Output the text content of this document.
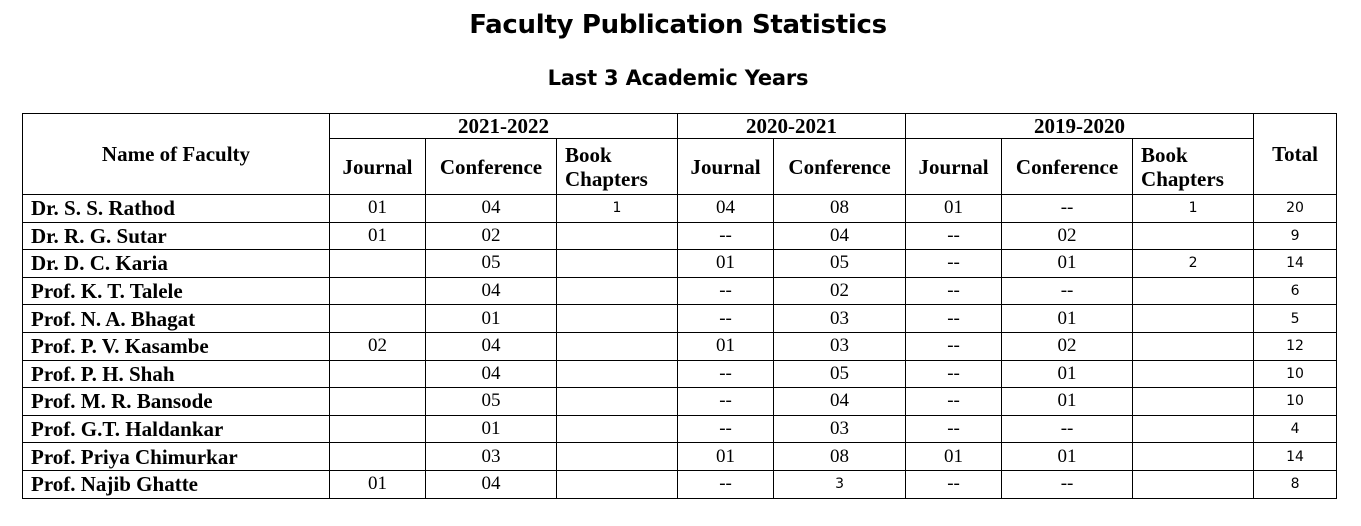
Faculty Publication Statistics
Last 3 Academic Years
Name of Faculty	2021-2022			2020-2021		2019-2020			Total
	Journal	Conference	Book Chapters	Journal	Conference	Journal	Conference	Book Chapters	
Dr. S. S. Rathod	01	04	1	04	08	01	--	1	20
Dr. R. G. Sutar	01	02		--	04	--	02		9
Dr. D. C. Karia		05		01	05	--	01	2	14
Prof. K. T. Talele		04		--	02	--	--		6
Prof. N. A. Bhagat		01		--	03	--	01		5
Prof. P. V. Kasambe	02	04		01	03	--	02		12
Prof. P. H. Shah		04		--	05	--	01		10
Prof. M. R. Bansode		05		--	04	--	01		10
Prof. G.T. Haldankar		01		--	03	--	--		4
Prof. Priya Chimurkar		03		01	08	01	01		14
Prof. Najib Ghatte	01	04		--	3	--	--		8
